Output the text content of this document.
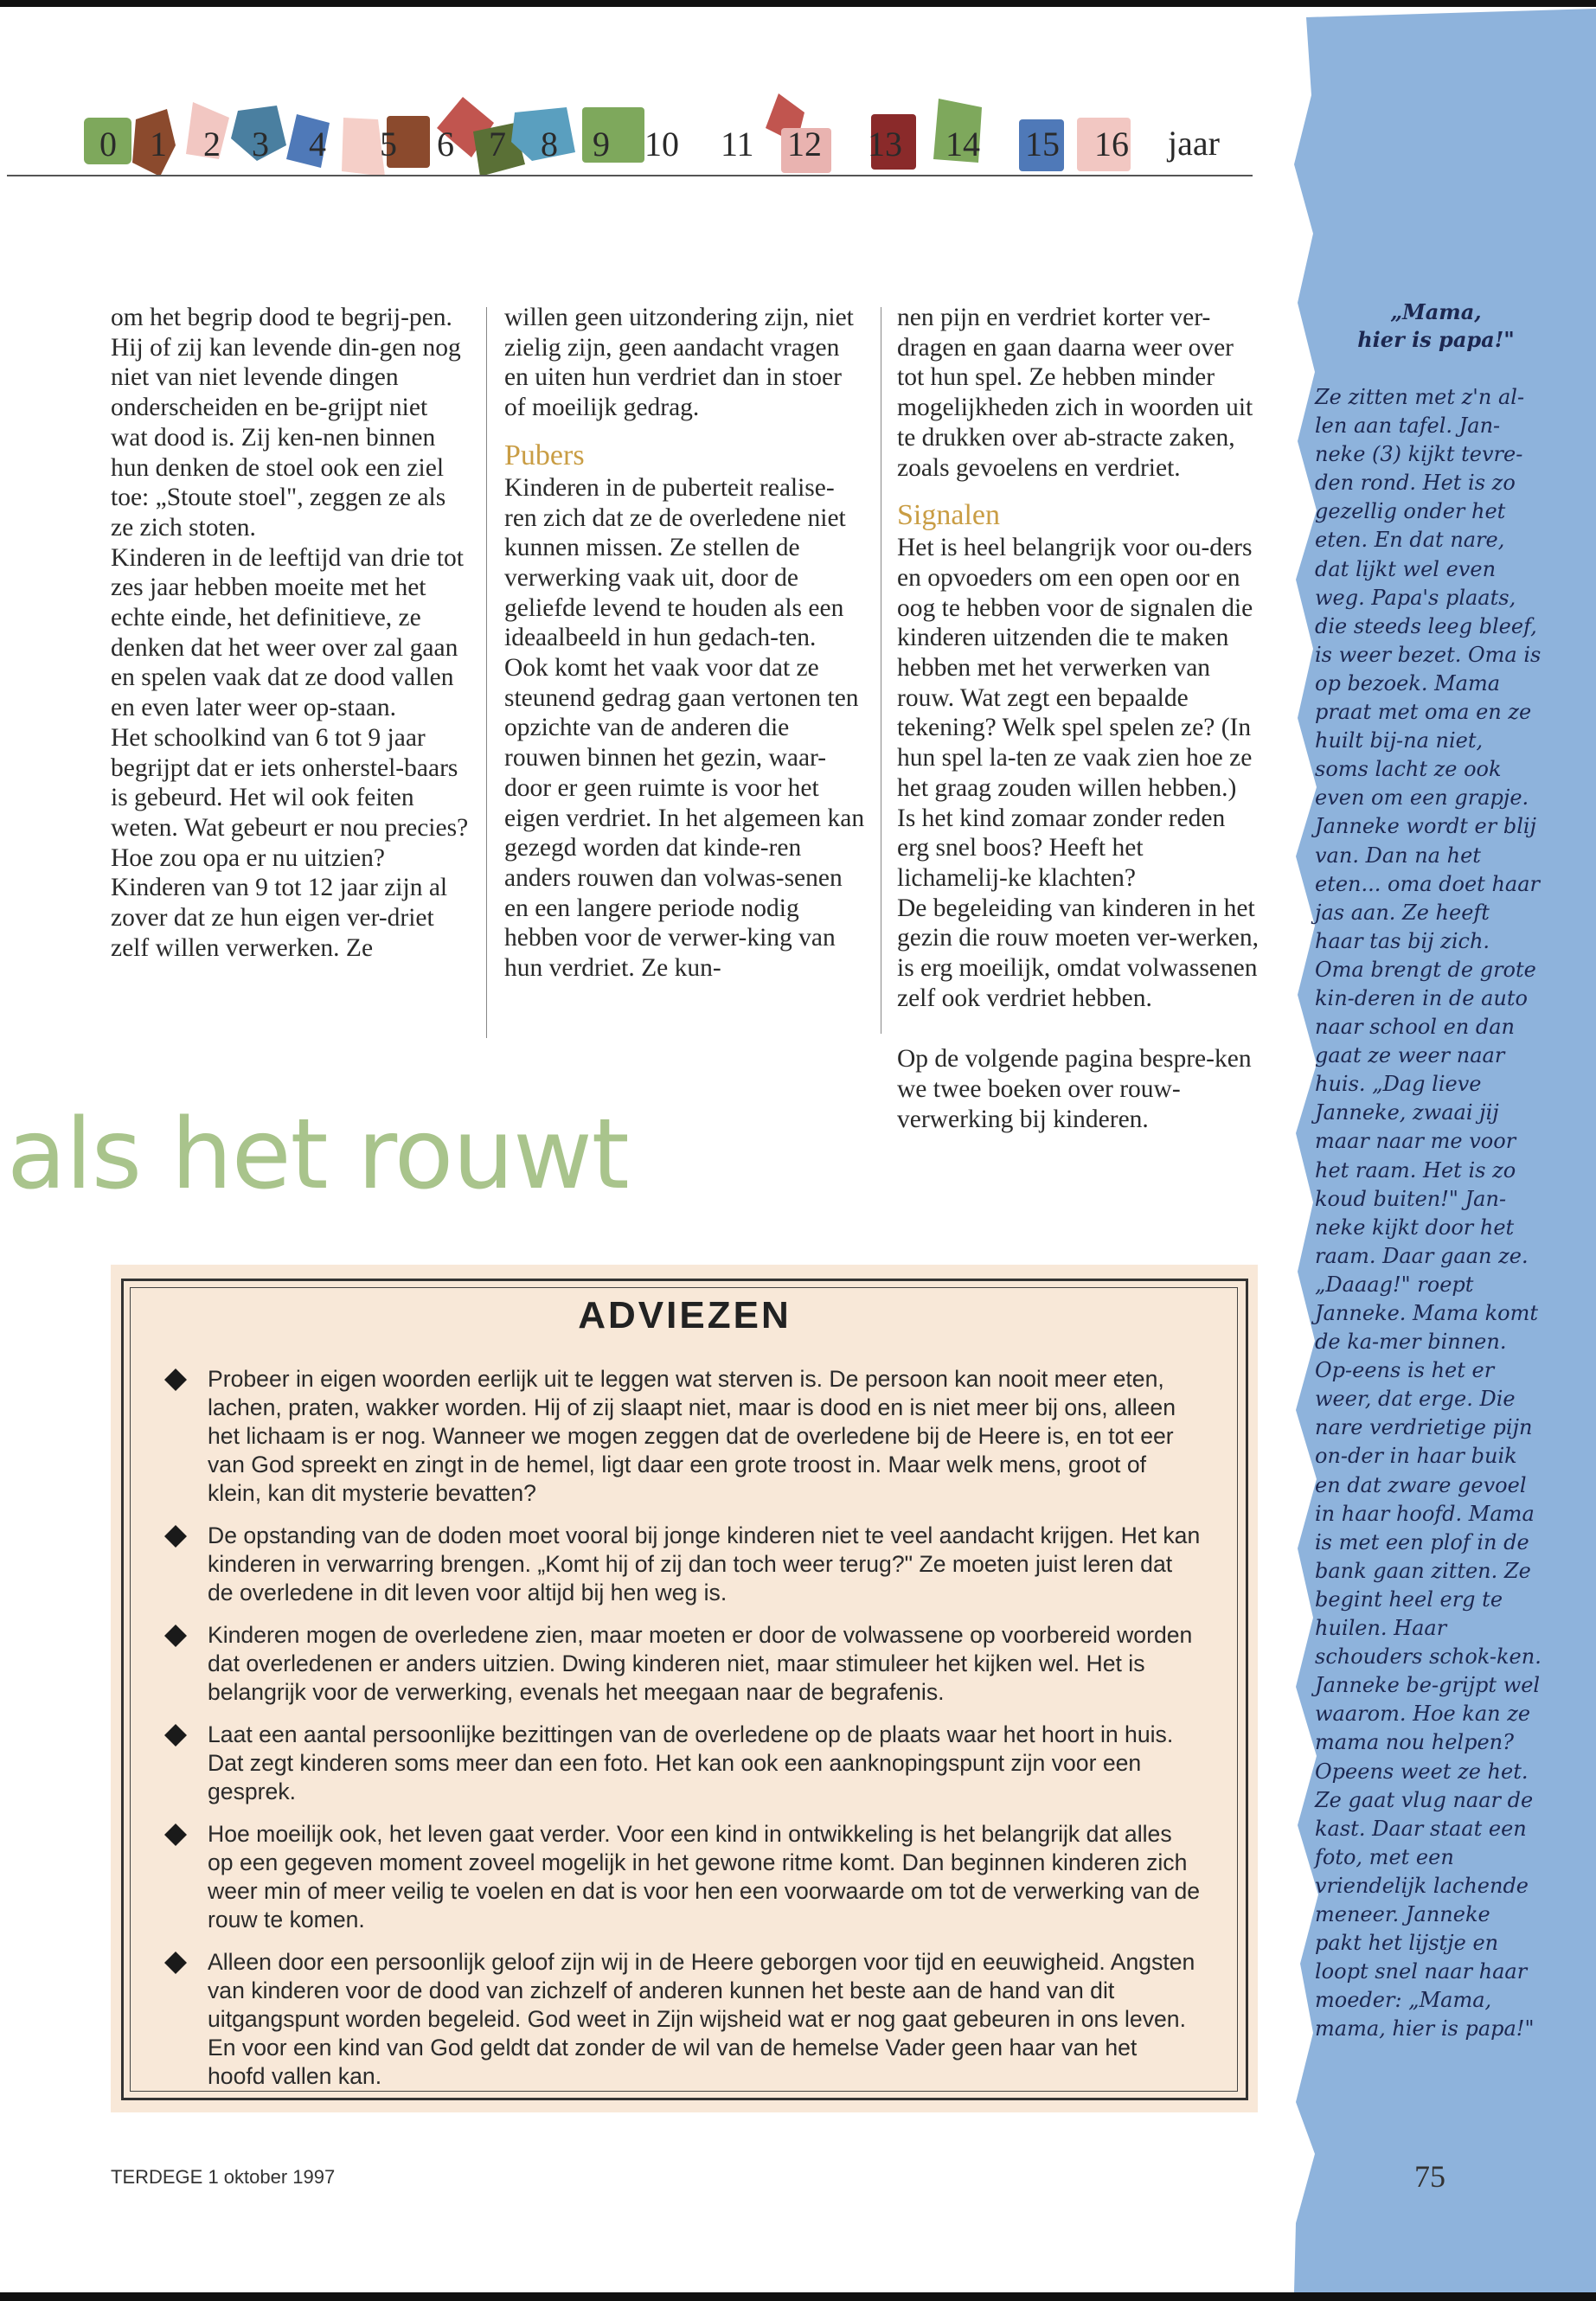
„Mama,
hier is papa!"

Ze zitten met z'n al-len aan tafel. Jan-neke (3) kijkt tevre-den rond. Het is zo gezellig onder het eten. En dat nare, dat lijkt wel even weg. Papa's plaats, die steeds leeg bleef, is weer bezet. Oma is op bezoek. Mama praat met oma en ze huilt bij-na niet, soms lacht ze ook even om een grapje. Janneke wordt er blij van. Dan na het eten... oma doet haar jas aan. Ze heeft haar tas bij zich. Oma brengt de grote kin-deren in de auto naar school en dan gaat ze weer naar huis. „Dag lieve Janneke, zwaai jij maar naar me voor het raam. Het is zo koud buiten!" Jan-neke kijkt door het raam. Daar gaan ze. „Daaag!" roept Janneke. Mama komt de ka-mer binnen. Op-eens is het er weer, dat erge. Die nare verdrietige pijn on-der in haar buik en dat zware gevoel in haar hoofd. Mama is met een plof in de bank gaan zitten. Ze begint heel erg te huilen. Haar schouders schok-ken. Janneke be-grijpt wel waarom. Hoe kan ze mama nou helpen? Opeens weet ze het. Ze gaat vlug naar de kast. Daar staat een foto, met een vriendelijk lachende meneer. Janneke pakt het lijstje en loopt snel naar haar moeder: „Mama, mama, hier is papa!"

0 1 2 3 4 5 6 7 8 9 10 11 12 13 14 15 16 jaar

om het begrip dood te begrij-pen. Hij of zij kan levende din-gen nog niet van niet levende dingen onderscheiden en be-grijpt niet wat dood is. Zij ken-nen binnen hun denken de stoel ook een ziel toe: „Stoute stoel", zeggen ze als ze zich stoten.

Kinderen in de leeftijd van drie tot zes jaar hebben moeite met het echte einde, het definitieve, ze denken dat het weer over zal gaan en spelen vaak dat ze dood vallen en even later weer op-staan.

Het schoolkind van 6 tot 9 jaar begrijpt dat er iets onherstel-baars is gebeurd. Het wil ook feiten weten. Wat gebeurt er nou precies? Hoe zou opa er nu uitzien?

Kinderen van 9 tot 12 jaar zijn al zover dat ze hun eigen ver-driet zelf willen verwerken. Ze

willen geen uitzondering zijn, niet zielig zijn, geen aandacht vragen en uiten hun verdriet dan in stoer of moeilijk gedrag.

Pubers

Kinderen in de puberteit realise-ren zich dat ze de overledene niet kunnen missen. Ze stellen de verwerking vaak uit, door de geliefde levend te houden als een ideaalbeeld in hun gedach-ten.

Ook komt het vaak voor dat ze steunend gedrag gaan vertonen ten opzichte van de anderen die rouwen binnen het gezin, waar-door er geen ruimte is voor het eigen verdriet. In het algemeen kan gezegd worden dat kinde-ren anders rouwen dan volwas-senen en een langere periode nodig hebben voor de verwer-king van hun verdriet. Ze kun-

nen pijn en verdriet korter ver-dragen en gaan daarna weer over tot hun spel. Ze hebben minder mogelijkheden zich in woorden uit te drukken over ab-stracte zaken, zoals gevoelens en verdriet.

Signalen

Het is heel belangrijk voor ou-ders en opvoeders om een open oor en oog te hebben voor de signalen die kinderen uitzenden die te maken hebben met het verwerken van rouw. Wat zegt een bepaalde tekening? Welk spel spelen ze? (In hun spel la-ten ze vaak zien hoe ze het graag zouden willen hebben.) Is het kind zomaar zonder reden erg snel boos? Heeft het lichamelij-ke klachten?

De begeleiding van kinderen in het gezin die rouw moeten ver-werken, is erg moeilijk, omdat volwassenen zelf ook verdriet hebben.

Op de volgende pagina bespre-ken we twee boeken over rouw-verwerking bij kinderen.

als het rouwt
ADVIEZEN
Probeer in eigen woorden eerlijk uit te leggen wat sterven is. De persoon kan nooit meer eten, lachen, praten, wakker worden. Hij of zij slaapt niet, maar is dood en is niet meer bij ons, alleen het lichaam is er nog. Wanneer we mogen zeggen dat de overledene bij de Heere is, en tot eer van God spreekt en zingt in de hemel, ligt daar een grote troost in. Maar welk mens, groot of klein, kan dit mysterie bevatten?
De opstanding van de doden moet vooral bij jonge kinderen niet te veel aandacht krijgen. Het kan kinderen in verwarring brengen. „Komt hij of zij dan toch weer terug?" Ze moeten juist leren dat de overledene in dit leven voor altijd bij hen weg is.
Kinderen mogen de overledene zien, maar moeten er door de volwassene op voorbereid worden dat overledenen er anders uitzien. Dwing kinderen niet, maar stimuleer het kijken wel. Het is belangrijk voor de verwerking, evenals het meegaan naar de begrafenis.
Laat een aantal persoonlijke bezittingen van de overledene op de plaats waar het hoort in huis. Dat zegt kinderen soms meer dan een foto. Het kan ook een aanknopingspunt zijn voor een gesprek.
Hoe moeilijk ook, het leven gaat verder. Voor een kind in ontwikkeling is het belangrijk dat alles op een gegeven moment zoveel mogelijk in het gewone ritme komt. Dan beginnen kinderen zich weer min of meer veilig te voelen en dat is voor hen een voorwaarde om tot de verwerking van de rouw te komen.
Alleen door een persoonlijk geloof zijn wij in de Heere geborgen voor tijd en eeuwigheid. Angsten van kinderen voor de dood van zichzelf of anderen kunnen het beste aan de hand van dit uitgangspunt worden begeleid. God weet in Zijn wijsheid wat er nog gaat gebeuren in ons leven. En voor een kind van God geldt dat zonder de wil van de hemelse Vader geen haar van het hoofd vallen kan.
TERDEGE 1 oktober 1997	75
